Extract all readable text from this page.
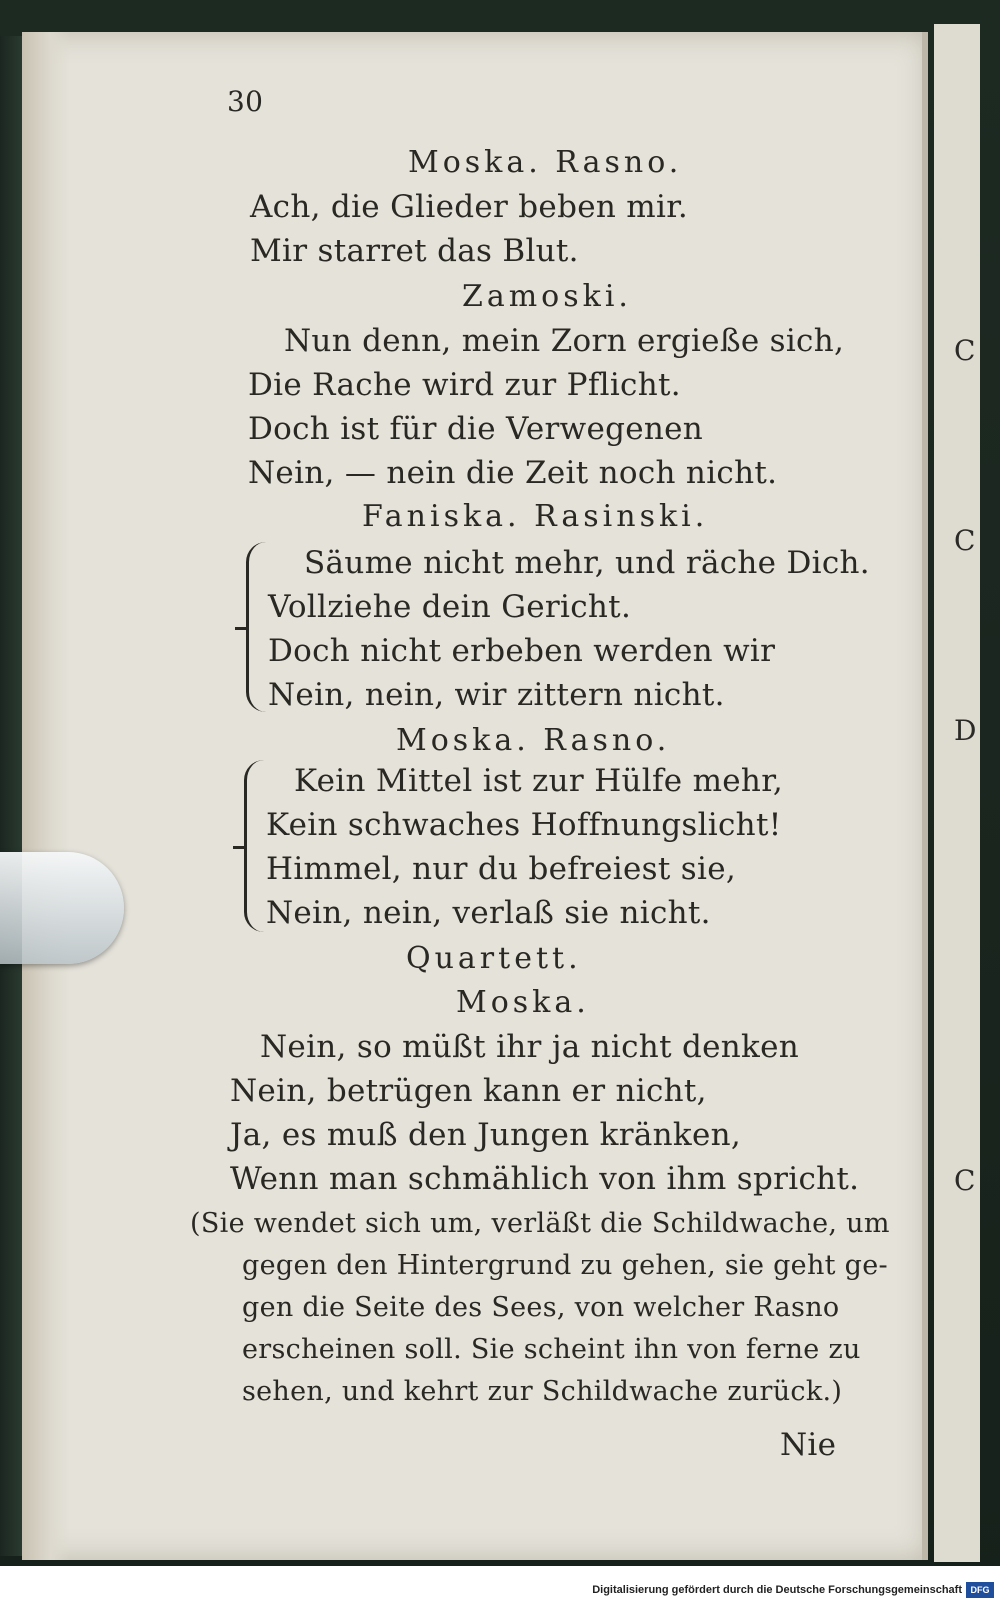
30
Moska. Rasno.
Ach, die Glieder beben mir.
Mir starret das Blut.
Zamoski.
Nun denn, mein Zorn ergieße sich,
Die Rache wird zur Pflicht.
Doch ist für die Verwegenen
Nein, — nein die Zeit noch nicht.
Faniska. Rasinski.
Säume nicht mehr, und räche Dich.
Vollziehe dein Gericht.
Doch nicht erbeben werden wir
Nein, nein, wir zittern nicht.
Moska. Rasno.
Kein Mittel ist zur Hülfe mehr,
Kein schwaches Hoffnungslicht!
Himmel, nur du befreiest sie,
Nein, nein, verlaß sie nicht.
Quartett.
Moska.
Nein, so müßt ihr ja nicht denken
Nein, betrügen kann er nicht,
Ja, es muß den Jungen kränken,
Wenn man schmählich von ihm spricht.
(Sie wendet sich um, verläßt die Schildwache, um
gegen den Hintergrund zu gehen, sie geht ge-
gen die Seite des Sees, von welcher Rasno
erscheinen soll. Sie scheint ihn von ferne zu
sehen, und kehrt zur Schildwache zurück.)
Nie
C
C
D
C
Digitalisierung gefördert durch die Deutsche Forschungsgemeinschaft DFG
